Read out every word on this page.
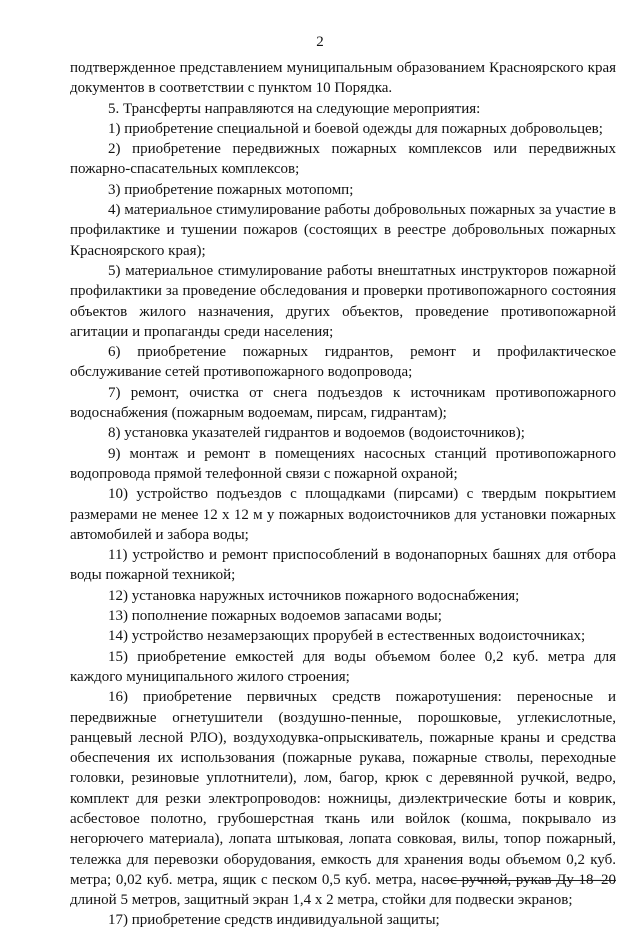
2

подтвержденное представлением муниципальным образованием Красноярского края документов в соответствии с пунктом 10 Порядка.

5. Трансферты направляются на следующие мероприятия:

1) приобретение специальной и боевой одежды для пожарных добровольцев;

2) приобретение передвижных пожарных комплексов или передвижных пожарно-спасательных комплексов;

3) приобретение пожарных мотопомп;

4) материальное стимулирование работы добровольных пожарных за участие в профилактике и тушении пожаров (состоящих в реестре добровольных пожарных Красноярского края);

5) материальное стимулирование работы внештатных инструкторов пожарной профилактики за проведение обследования и проверки противопожарного состояния объектов жилого назначения, других объектов, проведение противопожарной агитации и пропаганды среди населения;

6) приобретение пожарных гидрантов, ремонт и профилактическое обслуживание сетей противопожарного водопровода;

7) ремонт, очистка от снега подъездов к источникам противопожарного водоснабжения (пожарным водоемам, пирсам, гидрантам);

8) установка указателей гидрантов и водоемов (водоисточников);

9) монтаж и ремонт в помещениях насосных станций противопожарного водопровода прямой телефонной связи с пожарной охраной;

10) устройство подъездов с площадками (пирсами) с твердым покрытием размерами не менее 12 х 12 м у пожарных водоисточников для установки пожарных автомобилей и забора воды;

11) устройство и ремонт приспособлений в водонапорных башнях для отбора воды пожарной техникой;

12) установка наружных источников пожарного водоснабжения;

13) пополнение пожарных водоемов запасами воды;

14) устройство незамерзающих прорубей в естественных водоисточниках;

15) приобретение емкостей для воды объемом более 0,2 куб. метра для каждого муниципального жилого строения;

16) приобретение первичных средств пожаротушения: переносные и передвижные огнетушители (воздушно-пенные, порошковые, углекислотные, ранцевый лесной РЛО), воздуходувка-опрыскиватель, пожарные краны и средства обеспечения их использования (пожарные рукава, пожарные стволы, переходные головки, резиновые уплотнители), лом, багор, крюк с деревянной ручкой, ведро, комплект для резки электропроводов: ножницы, диэлектрические боты и коврик, асбестовое полотно, грубошерстная ткань или войлок (кошма, покрывало из негорючего материала), лопата штыковая, лопата совковая, вилы, топор пожарный, тележка для перевозки оборудования, емкость для хранения воды объемом 0,2 куб. метра; 0,02 куб. метра, ящик с песком 0,5 куб. метра, насос ручной, рукав Ду 18–20 длиной 5 метров, защитный экран 1,4 х 2 метра, стойки для подвески экранов;

17) приобретение средств индивидуальной защиты;
